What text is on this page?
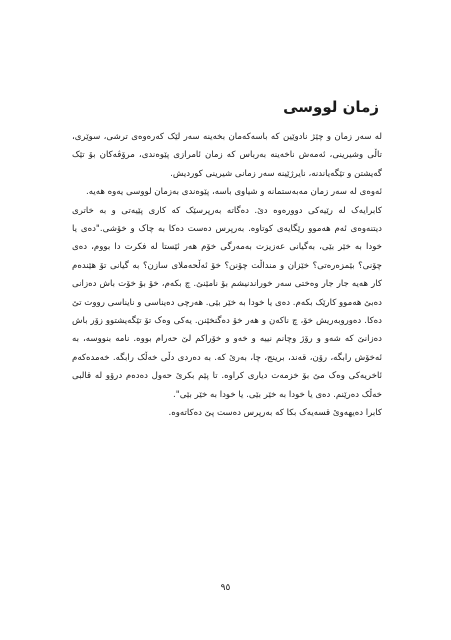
زمان لووسی

لە سەر زمان و چێژ نادوێین کە باسەکەمان بخەینە سەر لێک کەرەوەی ترشی، سوێری، تاڵی وشیرینی، ئەمەش ناخەینە بەرباس کە زمان ئامرازی پێوەندی، مرۆڤەکان بۆ تێک گەیشتن و تێگەیاندنە، نایرژێینە سەر زمانی شیرینی کوردیش.

ئەوەی لە سەر زمان مەبەستمانە و شیاوی باسە، پێوەندی بەزمان لووسی یەوە هەیە.

کابرایەک لە رێیەکی دوورەوە دێ. دەگاتە بەرپرسێک کە کاری پێیەتی و بە خاتری دیتنەوەی ئەم هەموو رێگایەی کوتاوە. بەرپرس دەست دەکا بە چاک و خۆشی."دەی یا خودا بە خێر بێی، بەگیانی عەزیزت بەمەرگی خۆم هەر ئێستا لە فکرت دا بووم، دەی چۆنی؟ بێمزەرەتی؟ خێزان و منداڵت چۆنن؟ خۆ ئەڵحەملای سازن؟ بە گیانی تۆ هێندەم کار هەیە جار جار وەختی سەر خوراندنیشم بۆ نامێنێ. چ بکەم، خۆ بۆ خۆت باش دەزانی دەبێ هەموو کارێک بکەم. دەی یا خودا بە خێر بێی. هەرچی دەیناسی و نایناسی رووت تێ دەکا. دەوروبەریش خۆ، چ ناکەن و هەر خۆ دەگنخێنن. یەکی وەک تۆ تێگەیشتوو زۆر باش دەزانێ کە شەو و رۆژ وچانم نییە و خەو و خۆراکم لێ حەرام بووە. نامە بنووسە، بە ئەخۆش رابگە، رۆن، قەند، برینج، چا، بەرێ کە. بە دەردی دڵی خەڵک رابگە. خەمدەکەم ئاخریەکی وەک مێ بۆ خزمەت دیاری کراوە. تا پێم بکرێ حەول دەدەم درۆو لە قالبی خەڵک دەرێنم. دەی یا خودا بە خێر بێی. یا خودا بە خێر بێی".

کابرا دەیهەوێ قسەیەک بکا کە بەرپرس دەست پێ دەکاتەوە.

٩٥
